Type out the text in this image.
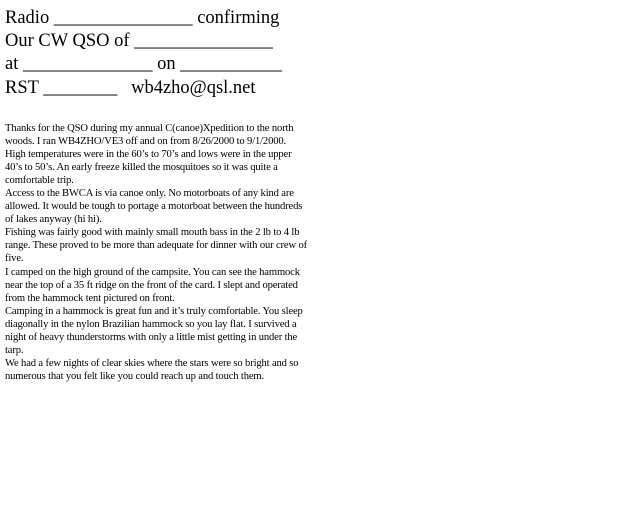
Radio _______________ confirming

Our CW QSO of _______________

at ______________ on ___________

RST ________   wb4zho@qsl.net

Thanks for the QSO during my annual C(canoe)Xpedition to the north woods. I ran WB4ZHO/VE3 off and on from 8/26/2000 to 9/1/2000. High temperatures were in the 60’s to 70’s and lows were in the upper 40’s to 50’s. An early freeze killed the mosquitoes so it was quite a comfortable trip.

Access to the BWCA is via canoe only. No motorboats of any kind are allowed. It would be tough to portage a motorboat between the hundreds of lakes anyway (hi hi).

Fishing was fairly good with mainly small mouth bass in the 2 lb to 4 lb range. These proved to be more than adequate for dinner with our crew of five.

I camped on the high ground of the campsite. You can see the hammock near the top of a 35 ft ridge on the front of the card. I slept and operated from the hammock tent pictured on front.

Camping in a hammock is great fun and it’s truly comfortable. You sleep diagonally in the nylon Brazilian hammock so you lay flat. I survived a night of heavy thunderstorms with only a little mist getting in under the tarp.

We had a few nights of clear skies where the stars were so bright and so numerous that you felt like you could reach up and touch them.
